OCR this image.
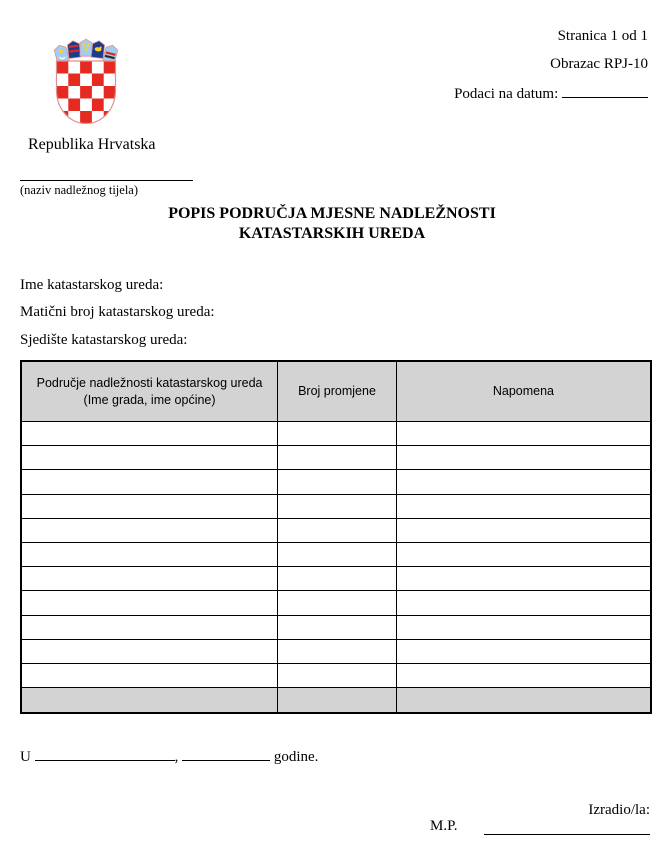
Stranica 1 od 1
Obrazac RPJ-10
Podaci na datum:
Republika Hrvatska
(naziv nadležnog tijela)
POPIS PODRUČJA MJESNE NADLEŽNOSTI
KATASTARSKIH UREDA
Ime katastarskog ureda:
Matični broj katastarskog ureda:
Sjedište katastarskog ureda:
Područje nadležnosti katastarskog ureda
(Ime grada, ime općine)	Broj promjene	Napomena

U	,	godine.
Izradio/la:
M.P.
